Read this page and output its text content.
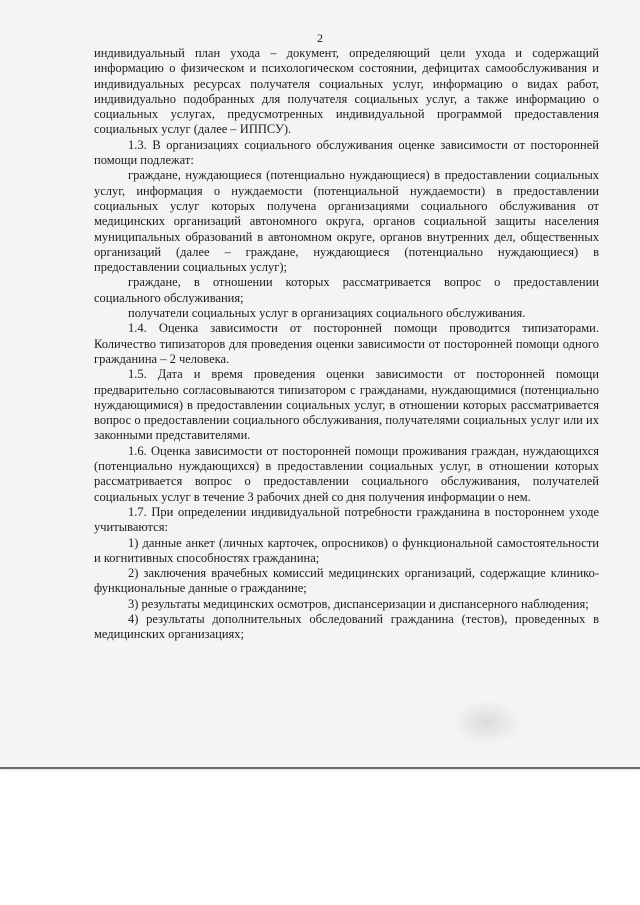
2

индивидуальный план ухода – документ, определяющий цели ухода и содержащий информацию о физическом и психологическом состоянии, дефицитах самообслуживания и индивидуальных ресурсах получателя социальных услуг, информацию о видах работ, индивидуально подобранных для получателя социальных услуг, а также информацию о социальных услугах, предусмотренных индивидуальной программой предоставления социальных услуг (далее – ИППСУ).

1.3. В организациях социального обслуживания оценке зависимости от посторонней помощи подлежат:

граждане, нуждающиеся (потенциально нуждающиеся) в предоставлении социальных услуг, информация о нуждаемости (потенциальной нуждаемости) в предоставлении социальных услуг которых получена организациями социального обслуживания от медицинских организаций автономного округа, органов социальной защиты населения муниципальных образований в автономном округе, органов внутренних дел, общественных организаций (далее – граждане, нуждающиеся (потенциально нуждающиеся) в предоставлении социальных услуг);

граждане, в отношении которых рассматривается вопрос о предоставлении социального обслуживания;

получатели социальных услуг в организациях социального обслуживания.

1.4. Оценка зависимости от посторонней помощи проводится типизаторами. Количество типизаторов для проведения оценки зависимости от посторонней помощи одного гражданина – 2 человека.

1.5. Дата и время проведения оценки зависимости от посторонней помощи предварительно согласовываются типизатором с гражданами, нуждающимися (потенциально нуждающимися) в предоставлении социальных услуг, в отношении которых рассматривается вопрос о предоставлении социального обслуживания, получателями социальных услуг или их законными представителями.

1.6. Оценка зависимости от посторонней помощи проживания граждан, нуждающихся (потенциально нуждающихся) в предоставлении социальных услуг, в отношении которых рассматривается вопрос о предоставлении социального обслуживания, получателей социальных услуг в течение 3 рабочих дней со дня получения информации о нем.

1.7. При определении индивидуальной потребности гражданина в постороннем уходе учитываются:

1) данные анкет (личных карточек, опросников) о функциональной самостоятельности и когнитивных способностях гражданина;

2) заключения врачебных комиссий медицинских организаций, содержащие клинико-функциональные данные о гражданине;

3) результаты медицинских осмотров, диспансеризации и диспансерного наблюдения;

4) результаты дополнительных обследований гражданина (тестов), проведенных в медицинских организациях;
